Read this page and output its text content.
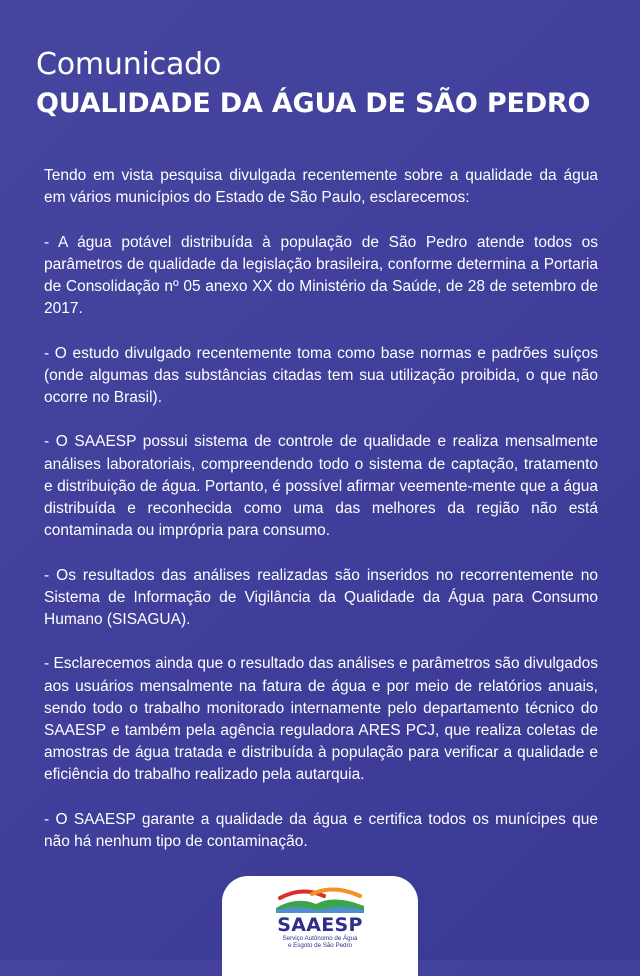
Comunicado
QUALIDADE DA ÁGUA DE SÃO PEDRO

Tendo em vista pesquisa divulgada recentemente sobre a qualidade da água em vários municípios do Estado de São Paulo, esclarecemos:

- A água potável distribuída à população de São Pedro atende todos os parâmetros de qualidade da legislação brasileira, conforme determina a Portaria de Consolidação nº 05 anexo XX do Ministério da Saúde, de 28 de setembro de 2017.

- O estudo divulgado recentemente toma como base normas e padrões suíços (onde algumas das substâncias citadas tem sua utilização proibida, o que não ocorre no Brasil).

- O SAAESP possui sistema de controle de qualidade e realiza mensalmente análises laboratoriais, compreendendo todo o sistema de captação, tratamento e distribuição de água. Portanto, é possível afirmar veemente-mente que a água distribuída e reconhecida como uma das melhores da região não está contaminada ou imprópria para consumo.

- Os resultados das análises realizadas são inseridos no recorrentemente no Sistema de Informação de Vigilância da Qualidade da Água para Consumo Humano (SISAGUA).

- Esclarecemos ainda que o resultado das análises e parâmetros são divulgados aos usuários mensalmente na fatura de água e por meio de relatórios anuais, sendo todo o trabalho monitorado internamente pelo departamento técnico do SAAESP e também pela agência reguladora ARES PCJ, que realiza coletas de amostras de água tratada e distribuída à população para verificar a qualidade e eficiência do trabalho realizado pela autarquia.

- O SAAESP garante a qualidade da água e certifica todos os munícipes que não há nenhum tipo de contaminação.

SAAESP
Serviço Autônomo de Água
e Esgoto de São Pedro
